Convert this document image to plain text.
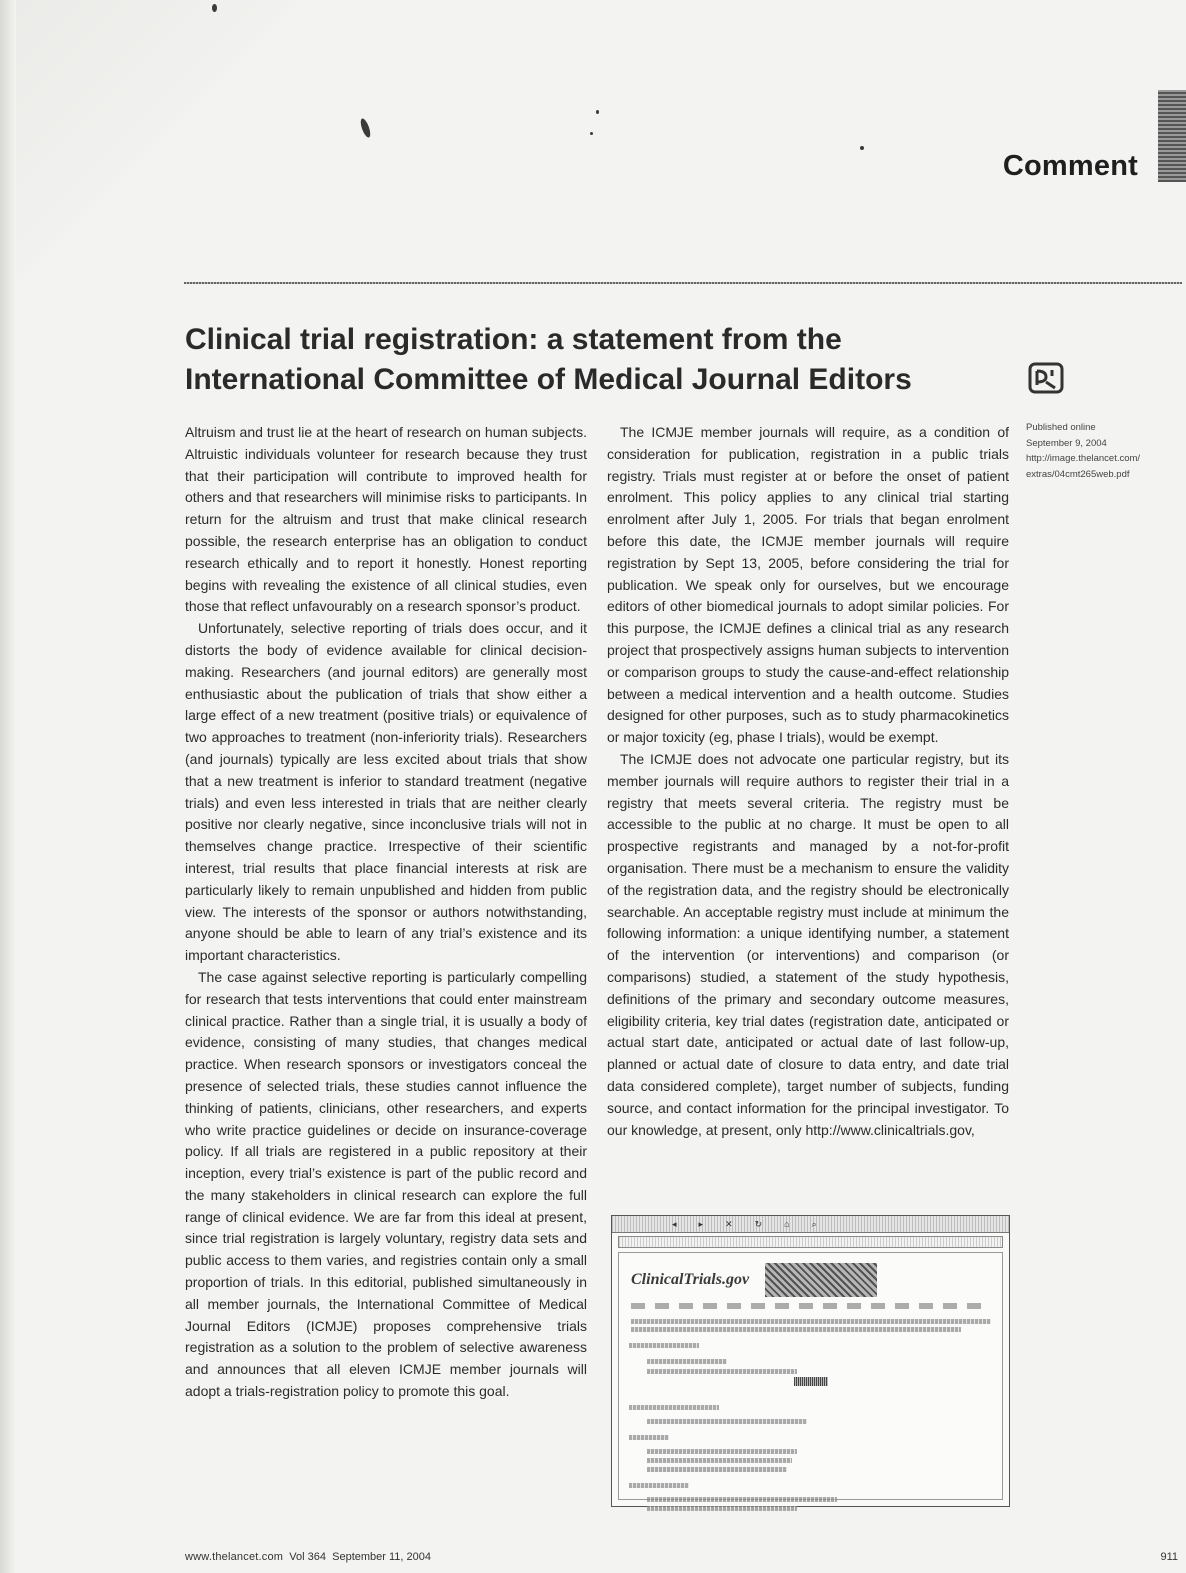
Comment
Clinical trial registration: a statement from the International Committee of Medical Journal Editors
Published online
September 9, 2004
http://image.thelancet.com/
extras/04cmt265web.pdf

Altruism and trust lie at the heart of research on human subjects. Altruistic individuals volunteer for research because they trust that their participation will contribute to improved health for others and that researchers will minimise risks to participants. In return for the altruism and trust that make clinical research possible, the research enterprise has an obligation to conduct research ethically and to report it honestly. Honest reporting begins with revealing the existence of all clinical studies, even those that reflect unfavourably on a research sponsor’s product.

Unfortunately, selective reporting of trials does occur, and it distorts the body of evidence available for clinical decision-making. Researchers (and journal editors) are generally most enthusiastic about the publication of trials that show either a large effect of a new treatment (positive trials) or equivalence of two approaches to treatment (non-inferiority trials). Researchers (and journals) typically are less excited about trials that show that a new treatment is inferior to standard treatment (negative trials) and even less interested in trials that are neither clearly positive nor clearly negative, since inconclusive trials will not in themselves change practice. Irrespective of their scientific interest, trial results that place financial interests at risk are particularly likely to remain unpublished and hidden from public view. The interests of the sponsor or authors notwithstanding, anyone should be able to learn of any trial’s existence and its important characteristics.

The case against selective reporting is particularly compelling for research that tests interventions that could enter mainstream clinical practice. Rather than a single trial, it is usually a body of evidence, consisting of many studies, that changes medical practice. When research sponsors or investigators conceal the presence of selected trials, these studies cannot influence the thinking of patients, clinicians, other researchers, and experts who write practice guidelines or decide on insurance-coverage policy. If all trials are registered in a public repository at their inception, every trial’s existence is part of the public record and the many stakeholders in clinical research can explore the full range of clinical evidence. We are far from this ideal at present, since trial registration is largely voluntary, registry data sets and public access to them varies, and registries contain only a small proportion of trials. In this editorial, published simultaneously in all member journals, the International Committee of Medical Journal Editors (ICMJE) proposes comprehensive trials registration as a solution to the problem of selective awareness and announces that all eleven ICMJE member journals will adopt a trials-registration policy to promote this goal.

The ICMJE member journals will require, as a condition of consideration for publication, registration in a public trials registry. Trials must register at or before the onset of patient enrolment. This policy applies to any clinical trial starting enrolment after July 1, 2005. For trials that began enrolment before this date, the ICMJE member journals will require registration by Sept 13, 2005, before considering the trial for publication. We speak only for ourselves, but we encourage editors of other biomedical journals to adopt similar policies. For this purpose, the ICMJE defines a clinical trial as any research project that prospectively assigns human subjects to intervention or comparison groups to study the cause-and-effect relationship between a medical intervention and a health outcome. Studies designed for other purposes, such as to study pharmacokinetics or major toxicity (eg, phase I trials), would be exempt.

The ICMJE does not advocate one particular registry, but its member journals will require authors to register their trial in a registry that meets several criteria. The registry must be accessible to the public at no charge. It must be open to all prospective registrants and managed by a not-for-profit organisation. There must be a mechanism to ensure the validity of the registration data, and the registry should be electronically searchable. An acceptable registry must include at minimum the following information: a unique identifying number, a statement of the intervention (or interventions) and comparison (or comparisons) studied, a statement of the study hypothesis, definitions of the primary and secondary outcome measures, eligibility criteria, key trial dates (registration date, anticipated or actual start date, anticipated or actual date of last follow-up, planned or actual date of closure to data entry, and date trial data considered complete), target number of subjects, funding source, and contact information for the principal investigator. To our knowledge, at present, only http://www.clinicaltrials.gov,

◂ ▸ ✕ ↻ ⌂ ⌕
ClinicalTrials.gov
www.thelancet.com Vol 364 September 11, 2004	911
